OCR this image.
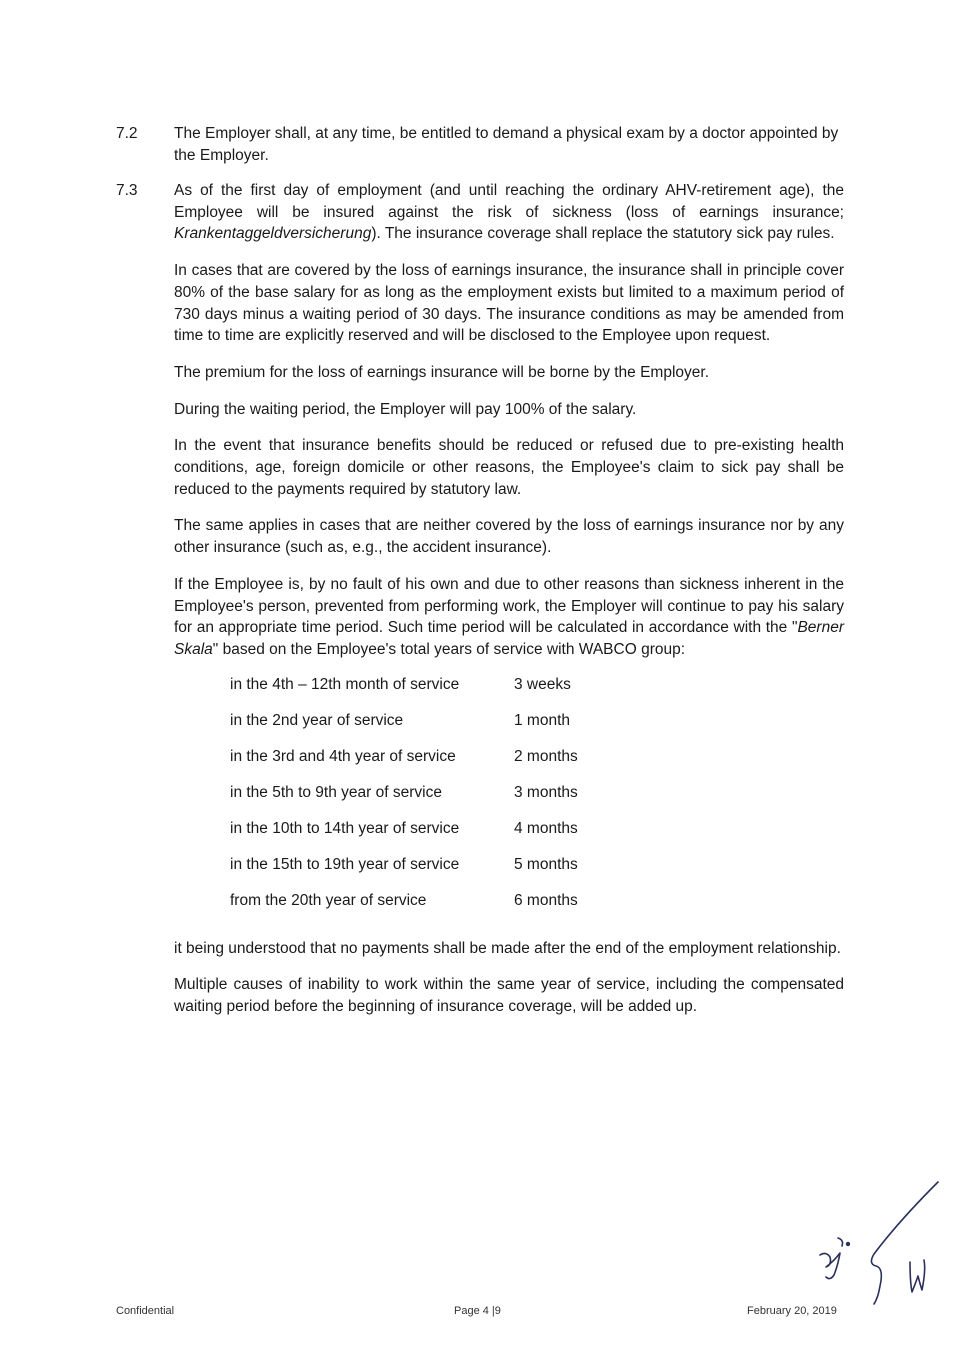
7.2 The Employer shall, at any time, be entitled to demand a physical exam by a doctor appointed by the Employer.

7.3 As of the first day of employment (and until reaching the ordinary AHV-retirement age), the Employee will be insured against the risk of sickness (loss of earnings insurance; Krankentaggeldversicherung). The insurance coverage shall replace the statutory sick pay rules.

In cases that are covered by the loss of earnings insurance, the insurance shall in principle cover 80% of the base salary for as long as the employment exists but limited to a maximum period of 730 days minus a waiting period of 30 days. The insurance conditions as may be amended from time to time are explicitly reserved and will be disclosed to the Employee upon request.

The premium for the loss of earnings insurance will be borne by the Employer.

During the waiting period, the Employer will pay 100% of the salary.

In the event that insurance benefits should be reduced or refused due to pre-existing health conditions, age, foreign domicile or other reasons, the Employee's claim to sick pay shall be reduced to the payments required by statutory law.

The same applies in cases that are neither covered by the loss of earnings insurance nor by any other insurance (such as, e.g., the accident insurance).

If the Employee is, by no fault of his own and due to other reasons than sickness inherent in the Employee's person, prevented from performing work, the Employer will continue to pay his salary for an appropriate time period. Such time period will be calculated in accordance with the "Berner Skala" based on the Employee's total years of service with WABCO group:

in the 4th – 12th month of service	3 weeks
in the 2nd year of service	1 month
in the 3rd and 4th year of service	2 months
in the 5th to 9th year of service	3 months
in the 10th to 14th year of service	4 months
in the 15th to 19th year of service	5 months
from the 20th year of service	6 months

it being understood that no payments shall be made after the end of the employment relationship.

Multiple causes of inability to work within the same year of service, including the compensated waiting period before the beginning of insurance coverage, will be added up.

Confidential	Page 4 |9	February 20, 2019
